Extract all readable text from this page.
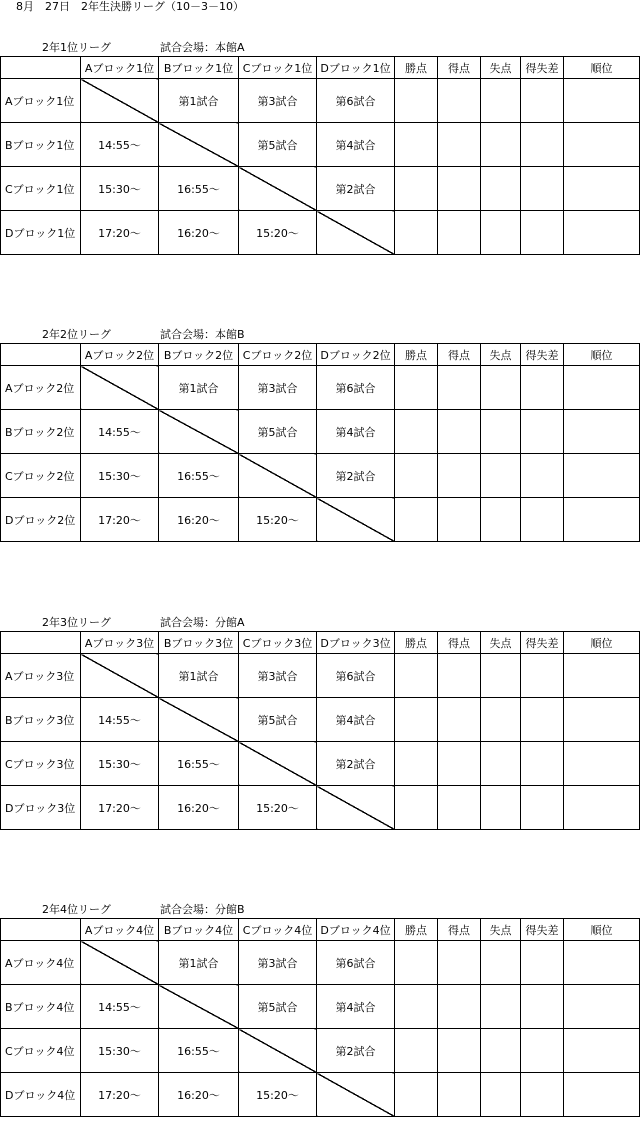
8月　27日　2年生決勝リーグ（10－3－10）
2年1位リーグ	試合会場：本館A
	Aブロック1位	Bブロック1位	Cブロック1位	Dブロック1位	勝点	得点	失点	得失差	順位
Aブロック1位		第1試合	第3試合	第6試合					
Bブロック1位	14:55～		第5試合	第4試合					
Cブロック1位	15:30～	16:55～		第2試合					
Dブロック1位	17:20～	16:20～	15:20～						
2年2位リーグ	試合会場：本館B
	Aブロック2位	Bブロック2位	Cブロック2位	Dブロック2位	勝点	得点	失点	得失差	順位
Aブロック2位		第1試合	第3試合	第6試合					
Bブロック2位	14:55～		第5試合	第4試合					
Cブロック2位	15:30～	16:55～		第2試合					
Dブロック2位	17:20～	16:20～	15:20～						
2年3位リーグ	試合会場：分館A
	Aブロック3位	Bブロック3位	Cブロック3位	Dブロック3位	勝点	得点	失点	得失差	順位
Aブロック3位		第1試合	第3試合	第6試合					
Bブロック3位	14:55～		第5試合	第4試合					
Cブロック3位	15:30～	16:55～		第2試合					
Dブロック3位	17:20～	16:20～	15:20～						
2年4位リーグ	試合会場：分館B
	Aブロック4位	Bブロック4位	Cブロック4位	Dブロック4位	勝点	得点	失点	得失差	順位
Aブロック4位		第1試合	第3試合	第6試合					
Bブロック4位	14:55～		第5試合	第4試合					
Cブロック4位	15:30～	16:55～		第2試合					
Dブロック4位	17:20～	16:20～	15:20～						
